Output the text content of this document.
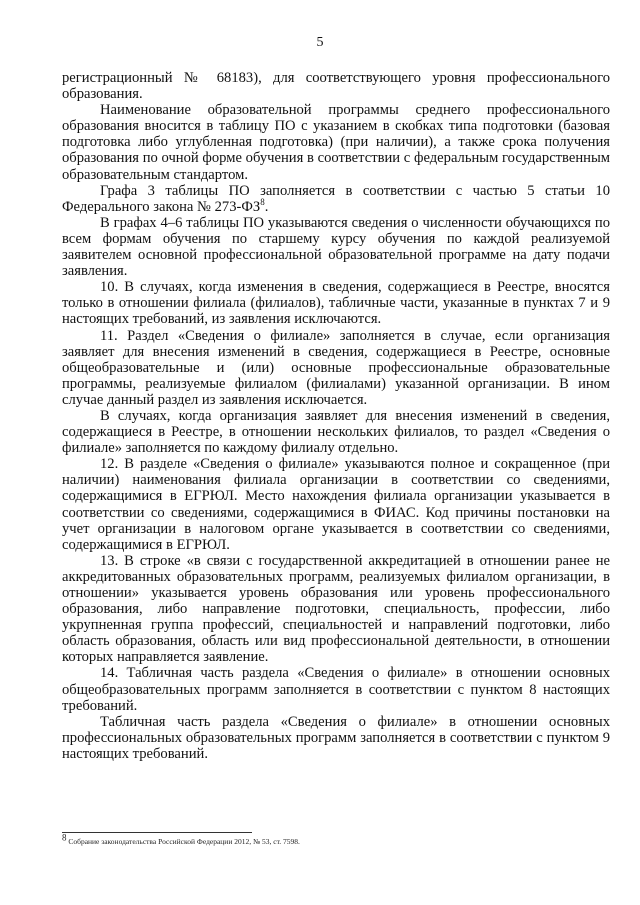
5

регистрационный № 68183), для соответствующего уровня профессионального образования.

Наименование образовательной программы среднего профессионального образования вносится в таблицу ПО с указанием в скобках типа подготовки (базовая подготовка либо углубленная подготовка) (при наличии), а также срока получения образования по очной форме обучения в соответствии с федеральным государственным образовательным стандартом.

Графа 3 таблицы ПО заполняется в соответствии с частью 5 статьи 10 Федерального закона № $273-ФЗ^8$.

В графах 4–6 таблицы ПО указываются сведения о численности обучающихся по всем формам обучения по старшему курсу обучения по каждой реализуемой заявителем основной профессиональной образовательной программе на дату подачи заявления.

10. В случаях, когда изменения в сведения, содержащиеся в Реестре, вносятся только в отношении филиала (филиалов), табличные части, указанные в пунктах 7 и 9 настоящих требований, из заявления исключаются.

11. Раздел «Сведения о филиале» заполняется в случае, если организация заявляет для внесения изменений в сведения, содержащиеся в Реестре, основные общеобразовательные и (или) основные профессиональные образовательные программы, реализуемые филиалом (филиалами) указанной организации. В ином случае данный раздел из заявления исключается.

В случаях, когда организация заявляет для внесения изменений в сведения, содержащиеся в Реестре, в отношении нескольких филиалов, то раздел «Сведения о филиале» заполняется по каждому филиалу отдельно.

12. В разделе «Сведения о филиале» указываются полное и сокращенное (при наличии) наименования филиала организации в соответствии со сведениями, содержащимися в ЕГРЮЛ. Место нахождения филиала организации указывается в соответствии со сведениями, содержащимися в ФИАС. Код причины постановки на учет организации в налоговом органе указывается в соответствии со сведениями, содержащимися в ЕГРЮЛ.

13. В строке «в связи с государственной аккредитацией в отношении ранее не аккредитованных образовательных программ, реализуемых филиалом организации, в отношении» указывается уровень образования или уровень профессионального образования, либо направление подготовки, специальность, профессии, либо укрупненная группа профессий, специальностей и направлений подготовки, либо область образования, область или вид профессиональной деятельности, в отношении которых направляется заявление.

14. Табличная часть раздела «Сведения о филиале» в отношении основных общеобразовательных программ заполняется в соответствии с пунктом 8 настоящих требований.

Табличная часть раздела «Сведения о филиале» в отношении основных профессиональных образовательных программ заполняется в соответствии с пунктом 9 настоящих требований.

$^8$ Собрание законодательства Российской Федерации 2012, № 53, ст. 7598.
